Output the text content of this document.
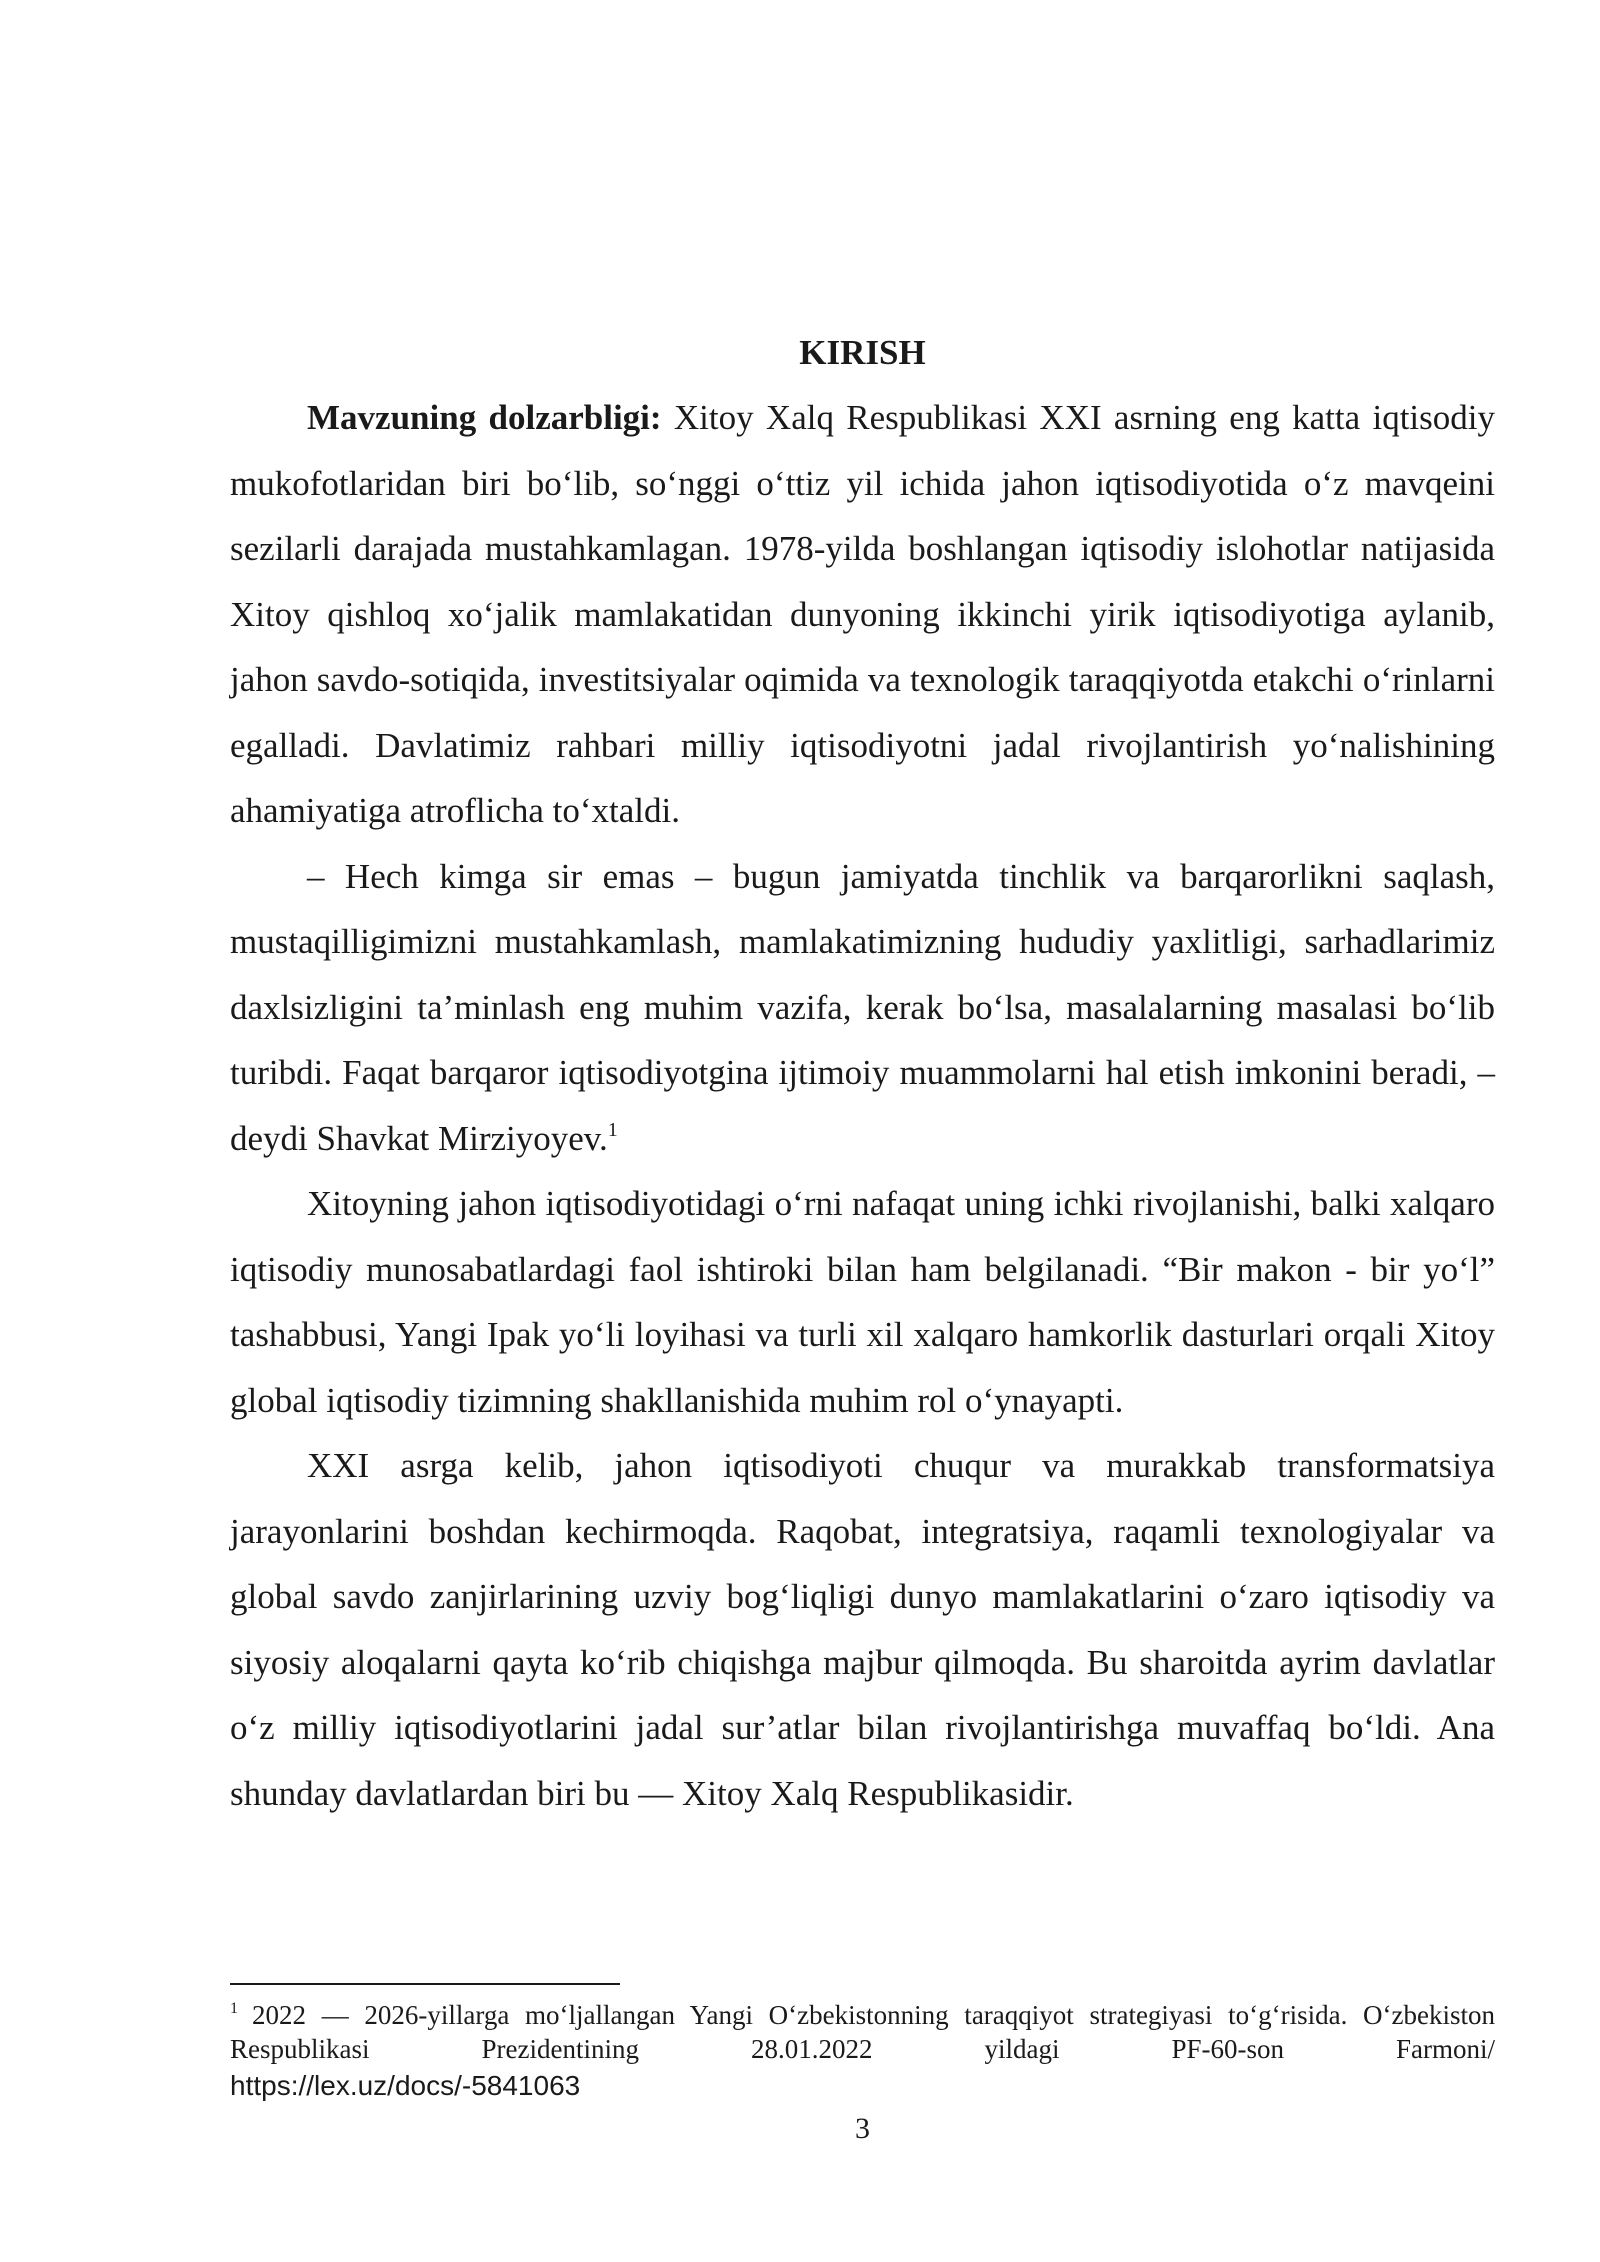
KIRISH

Mavzuning dolzarbligi: Xitoy Xalq Respublikasi XXI asrning eng katta iqtisodiy mukofotlaridan biri bo‘lib, so‘nggi o‘ttiz yil ichida jahon iqtisodiyotida o‘z mavqeini sezilarli darajada mustahkamlagan. 1978-yilda boshlangan iqtisodiy islohotlar natijasida Xitoy qishloq xo‘jalik mamlakatidan dunyoning ikkinchi yirik iqtisodiyotiga aylanib, jahon savdo-sotiqida, investitsiyalar oqimida va texnologik taraqqiyotda etakchi o‘rinlarni egalladi. Davlatimiz rahbari milliy iqtisodiyotni jadal rivojlantirish yo‘nalishining ahamiyatiga atroflicha to‘xtaldi.

– Hech kimga sir emas – bugun jamiyatda tinchlik va barqarorlikni saqlash, mustaqilligimizni mustahkamlash, mamlakatimizning hududiy yaxlitligi, sarhadlarimiz daxlsizligini ta’minlash eng muhim vazifa, kerak bo‘lsa, masalalarning masalasi bo‘lib turibdi. Faqat barqaror iqtisodiyotgina ijtimoiy muammolarni hal etish imkonini beradi, – deydi Shavkat Mirziyoyev.$^1$

Xitoyning jahon iqtisodiyotidagi o‘rni nafaqat uning ichki rivojlanishi, balki xalqaro iqtisodiy munosabatlardagi faol ishtiroki bilan ham belgilanadi. “Bir makon - bir yo‘l” tashabbusi, Yangi Ipak yo‘li loyihasi va turli xil xalqaro hamkorlik dasturlari orqali Xitoy global iqtisodiy tizimning shakllanishida muhim rol o‘ynayapti.

XXI asrga kelib, jahon iqtisodiyoti chuqur va murakkab transformatsiya jarayonlarini boshdan kechirmoqda. Raqobat, integratsiya, raqamli texnologiyalar va global savdo zanjirlarining uzviy bog‘liqligi dunyo mamlakatlarini o‘zaro iqtisodiy va siyosiy aloqalarni qayta ko‘rib chiqishga majbur qilmoqda. Bu sharoitda ayrim davlatlar o‘z milliy iqtisodiyotlarini jadal sur’atlar bilan rivojlantirishga muvaffaq bo‘ldi. Ana shunday davlatlardan biri bu — Xitoy Xalq Respublikasidir.

$^1$ 2022 — 2026-yillarga mo‘ljallangan Yangi O‘zbekistonning taraqqiyot strategiyasi to‘g‘risida. O‘zbekiston Respublikasi Prezidentining 28.01.2022 yildagi PF-60-son Farmoni/
https://lex.uz/docs/-5841063
3
